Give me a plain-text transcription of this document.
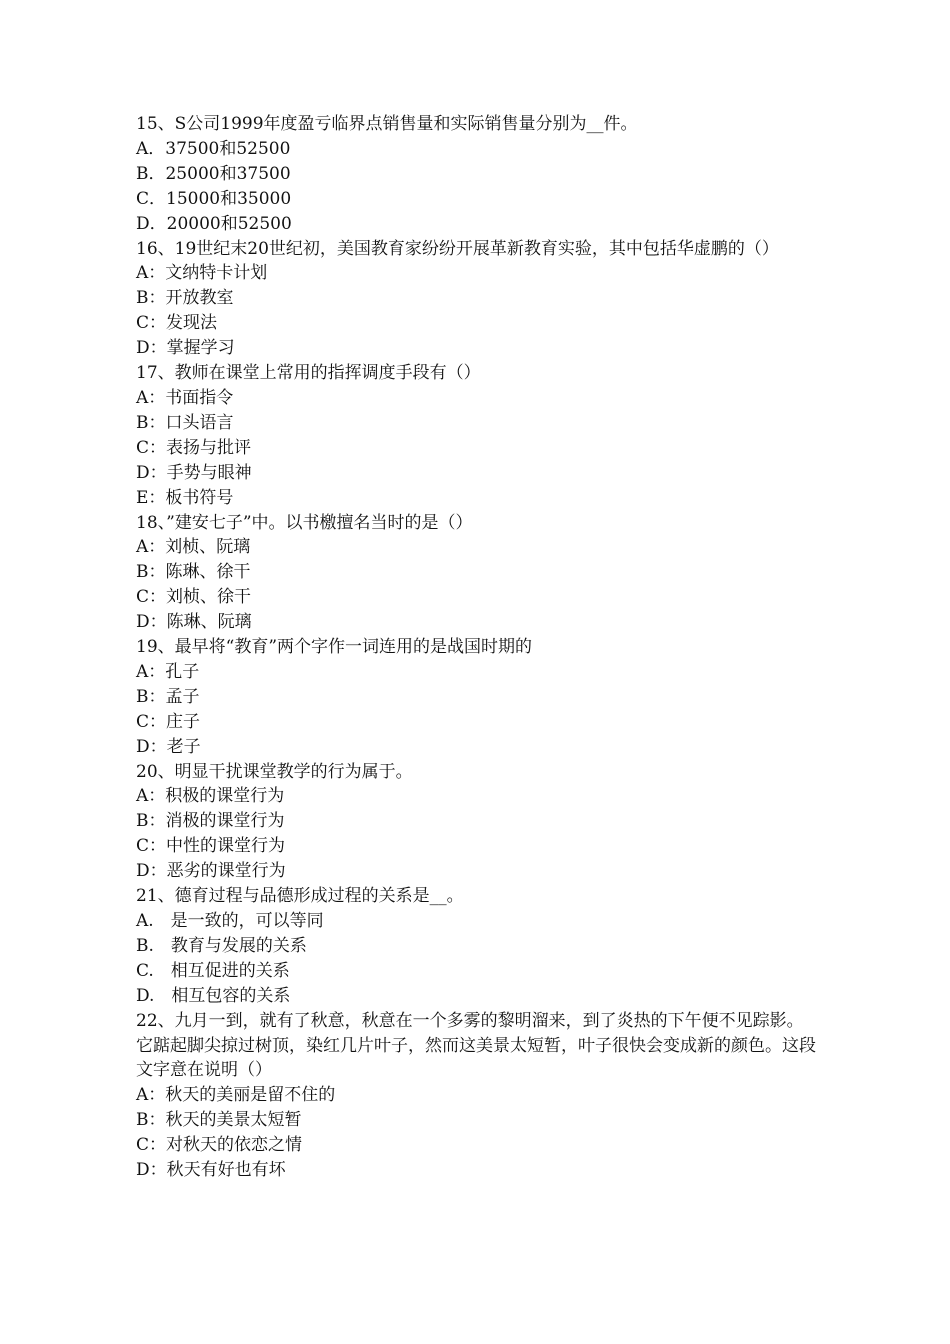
15、S公司1999年度盈亏临界点销售量和实际销售量分别为__件。
A．37500和52500
B．25000和37500
C．15000和35000
D．20000和52500
16、19世纪末20世纪初，美国教育家纷纷开展革新教育实验，其中包括华虚鹏的（）
A：文纳特卡计划
B：开放教室
C：发现法
D：掌握学习
17、教师在课堂上常用的指挥调度手段有（）
A：书面指令
B：口头语言
C：表扬与批评
D：手势与眼神
E：板书符号
18、”建安七子”中。以书檄擅名当时的是（）
A：刘桢、阮璃
B：陈琳、徐干
C：刘桢、徐干
D：陈琳、阮璃
19、最早将“教育”两个字作一词连用的是战国时期的
A：孔子
B：孟子
C：庄子
D：老子
20、明显干扰课堂教学的行为属于。
A：积极的课堂行为
B：消极的课堂行为
C：中性的课堂行为
D：恶劣的课堂行为
21、德育过程与品德形成过程的关系是__。
A.　是一致的，可以等同
B.　教育与发展的关系
C.　相互促进的关系
D.　相互包容的关系
22、九月一到，就有了秋意，秋意在一个多雾的黎明溜来，到了炎热的下午便不见踪影。它踮起脚尖掠过树顶，染红几片叶子，然而这美景太短暂，叶子很快会变成新的颜色。这段文字意在说明（）
A：秋天的美丽是留不住的
B：秋天的美景太短暂
C：对秋天的依恋之情
D：秋天有好也有坏
